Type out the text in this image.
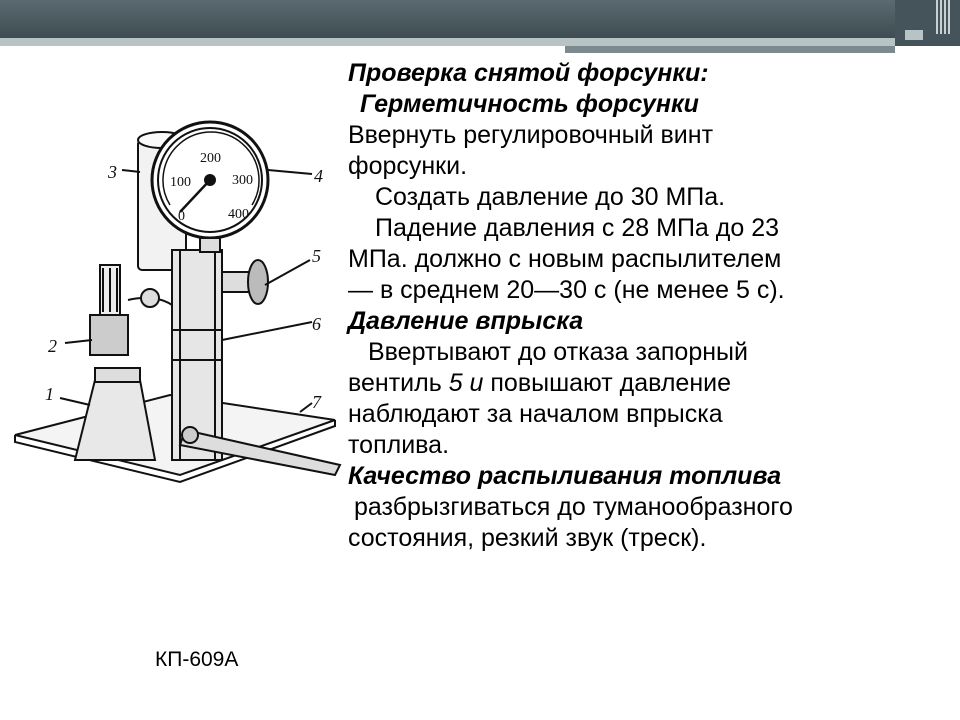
0
100
200
300
400
1
2
3	4
5
6
7
КП-609А
Проверка снятой форсунки:
Герметичность форсунки
Ввернуть регулировочный винт
форсунки.
Создать давление до 30 МПа.
Падение давления с 28 МПа до 23
МПа. должно с новым распылителем
— в среднем 20—30 с (не менее 5 с).
Давление впрыска
Ввертывают до отказа запорный
вентиль 5 и повышают давление
наблюдают за началом впрыска
топлива.
Качество распыливания топлива
разбрызгиваться до туманообразного
состояния, резкий звук (треск).
